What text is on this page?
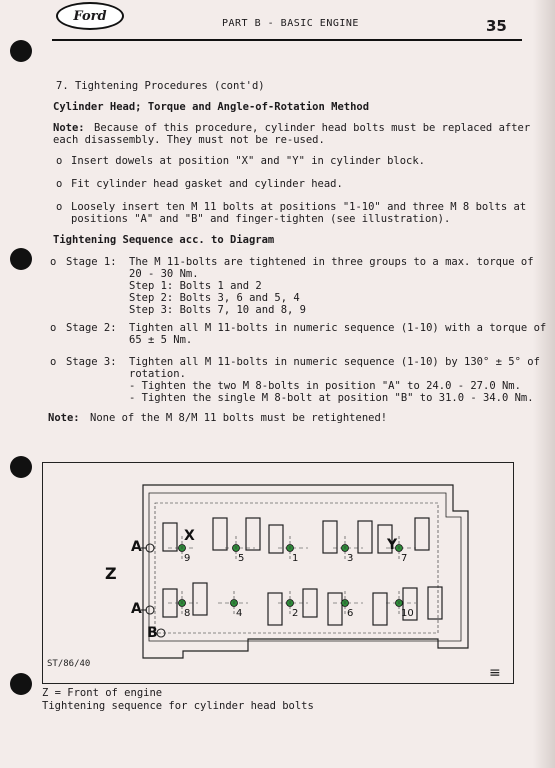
Ford	PART B - BASIC ENGINE	35
7. Tightening Procedures (cont'd)
Cylinder Head; Torque and Angle-of-Rotation Method
Note: Because of this procedure, cylinder head bolts must be replaced after
each disassembly. They must not be re-used.
o Insert dowels at position "X" and "Y" in cylinder block.
o Fit cylinder head gasket and cylinder head.
o Loosely insert ten M 11 bolts at positions "1-10" and three M 8 bolts at
positions "A" and "B" and finger-tighten (see illustration).
Tightening Sequence acc. to Diagram
o Stage 1: The M 11-bolts are tightened in three groups to a max. torque of
20 - 30 Nm.
Step 1: Bolts 1 and 2
Step 2: Bolts 3, 6 and 5, 4
Step 3: Bolts 7, 10 and 8, 9
o Stage 2: Tighten all M 11-bolts in numeric sequence (1-10) with a torque of
65 ± 5 Nm.
o Stage 3: Tighten all M 11-bolts in numeric sequence (1-10) by 130° ± 5° of
rotation.
- Tighten the two M 8-bolts in position "A" to 24.0 - 27.0 Nm.
- Tighten the single M 8-bolt at position "B" to 31.0 - 34.0 Nm.
Note: None of the M 8/M 11 bolts must be retightened!
9	5	1	3	7
8	4	2	6	10
A
A
B
X
Y
Z
ST/86/40
≡
Z = Front of engine
Tightening sequence for cylinder head bolts
